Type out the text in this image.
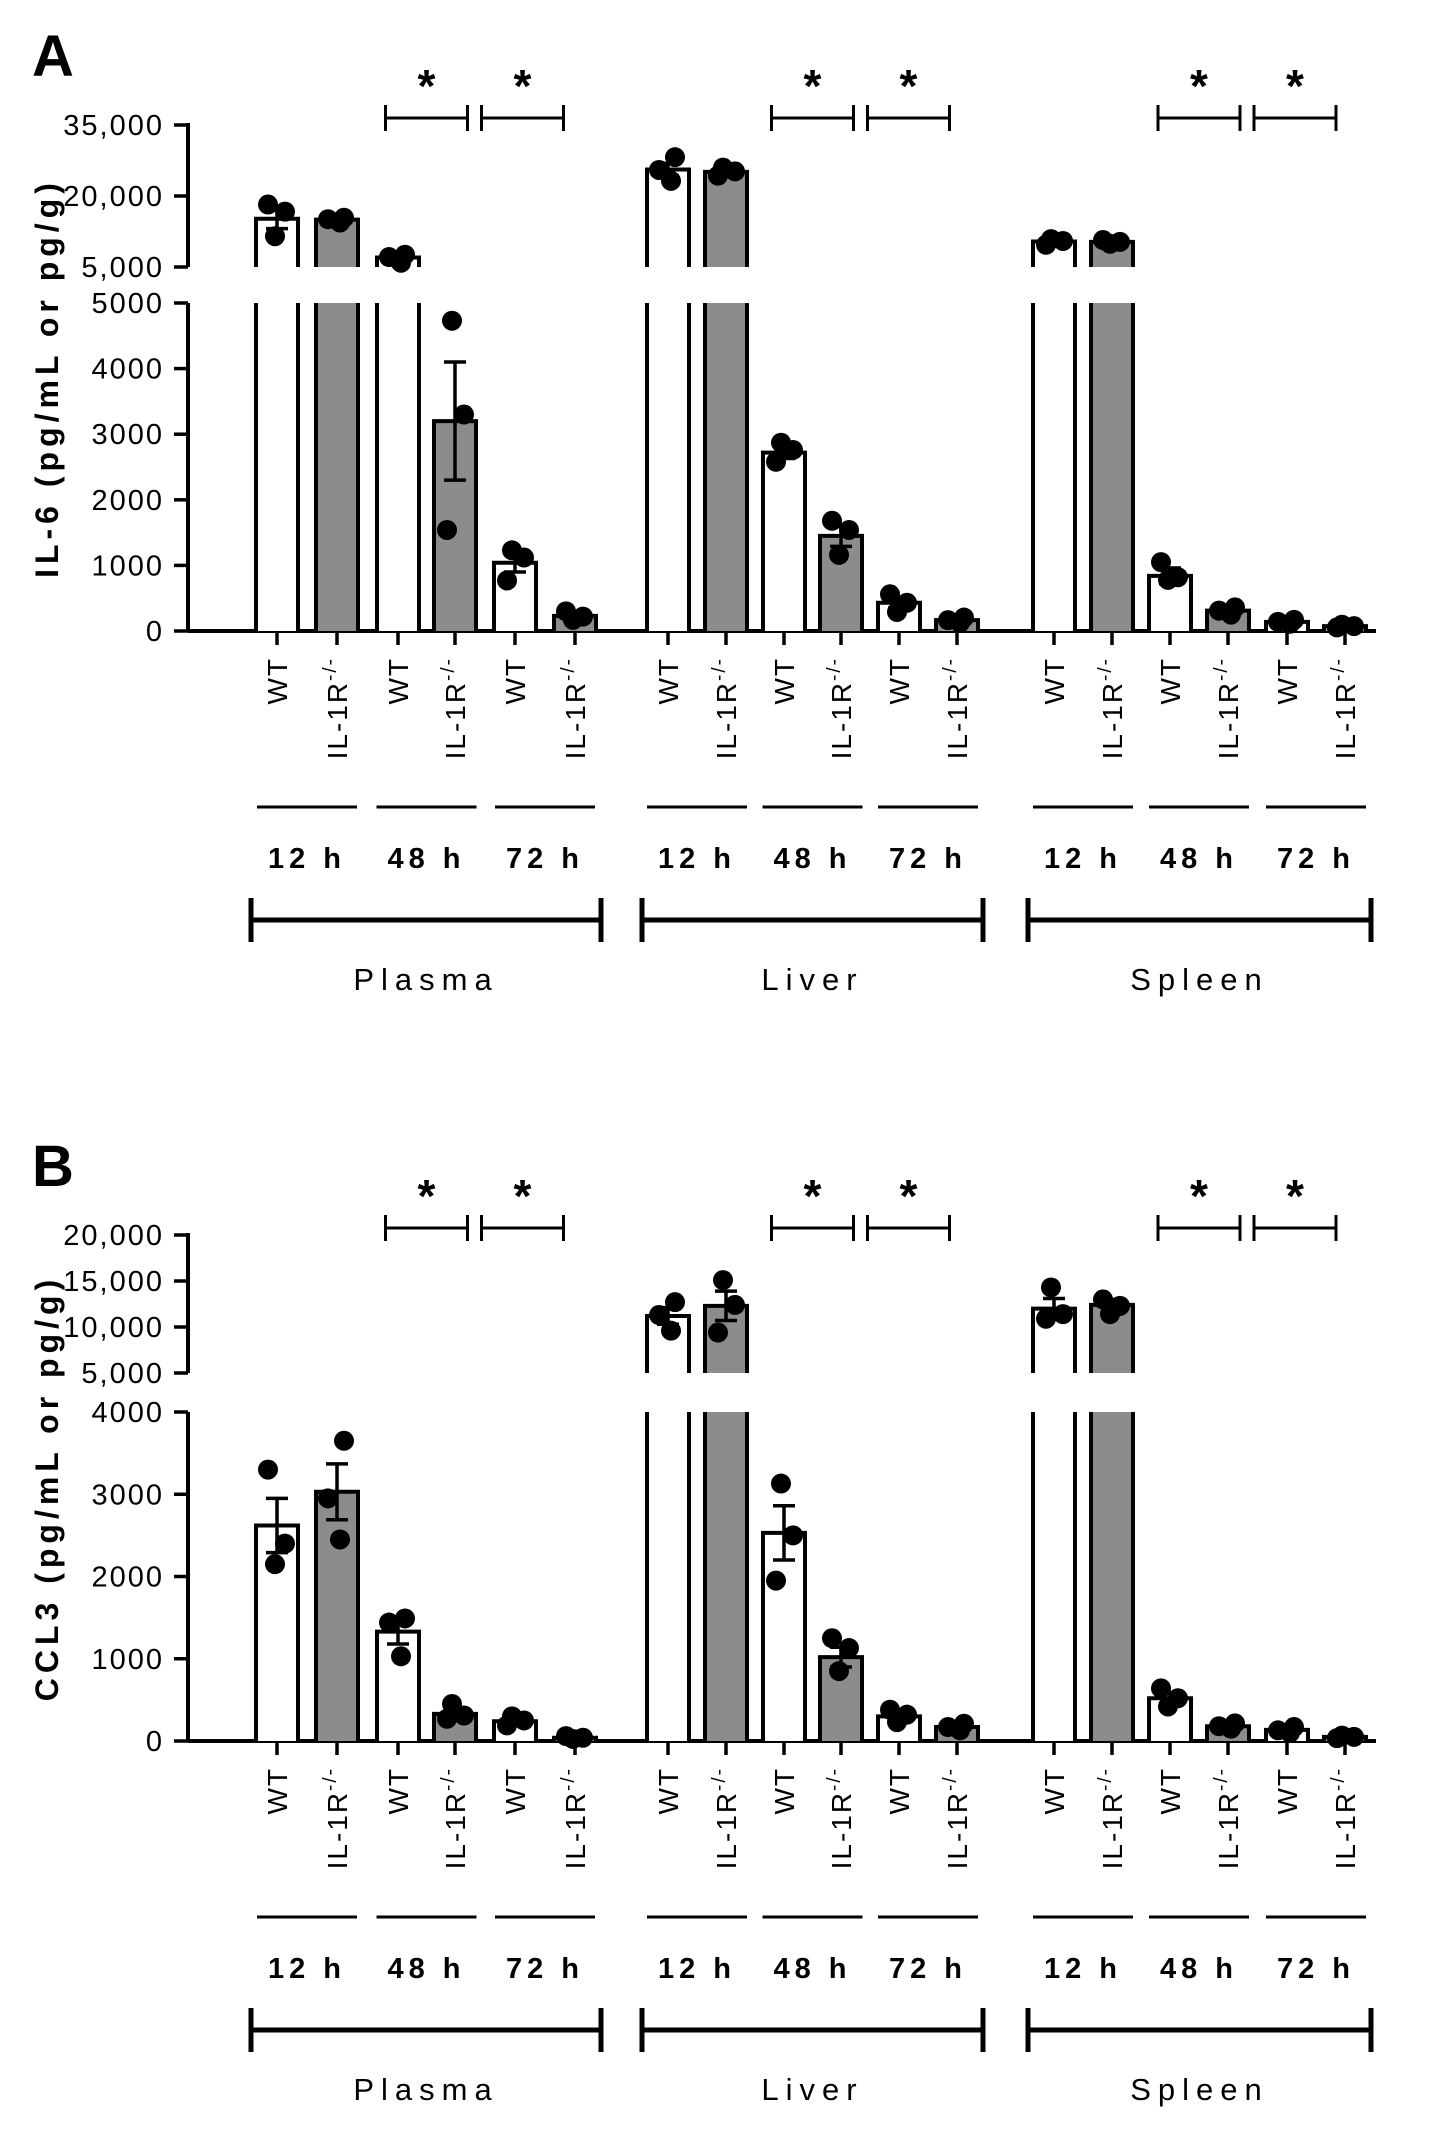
A
B
IL-6 (pg/mL or pg/g)
CCL3 (pg/mL or pg/g)
5,000
20,000
35,000
0
1000
2000
3000
4000
5000
WT
IL-1R-/-
12 h
WT
IL-1R-/-
48 h
*
WT
IL-1R-/-
72 h
*
Plasma
WT
IL-1R-/-
12 h
WT
IL-1R-/-
48 h
*
WT
IL-1R-/-
72 h
*
Liver
WT
IL-1R-/-
12 h
WT
IL-1R-/-
48 h
*
WT
IL-1R-/-
72 h
*
Spleen
5,000
10,000
15,000
20,000
0
1000
2000
3000
4000
WT
IL-1R-/-
12 h
WT
IL-1R-/-
48 h
*
WT
IL-1R-/-
72 h
*
Plasma
WT
IL-1R-/-
12 h
WT
IL-1R-/-
48 h
*
WT
IL-1R-/-
72 h
*
Liver
WT
IL-1R-/-
12 h
WT
IL-1R-/-
48 h
*
WT
IL-1R-/-
72 h
*
Spleen
